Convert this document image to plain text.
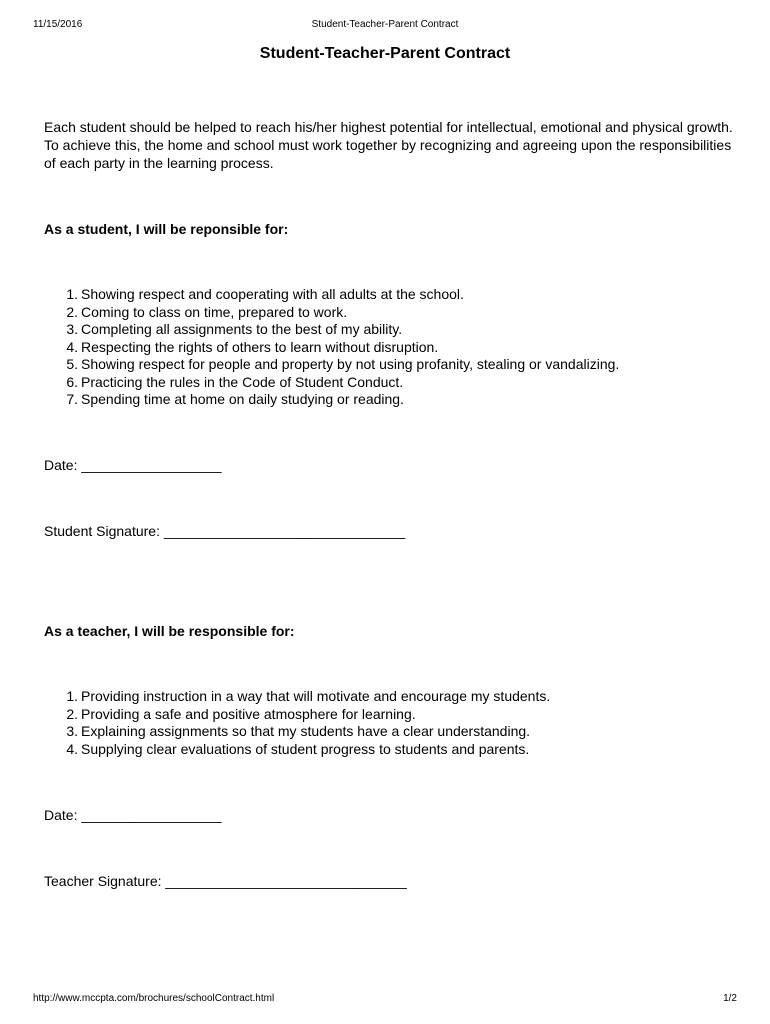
11/15/2016	Student-Teacher-Parent Contract
Student-Teacher-Parent Contract

Each student should be helped to reach his/her highest potential for intellectual, emotional and physical growth. To achieve this, the home and school must work together by recognizing and agreeing upon the responsibilities of each party in the learning process.

As a student, I will be reponsible for:

1. Showing respect and cooperating with all adults at the school.
2. Coming to class on time, prepared to work.
3. Completing all assignments to the best of my ability.
4. Respecting the rights of others to learn without disruption.
5. Showing respect for people and property by not using profanity, stealing or vandalizing.
6. Practicing the rules in the Code of Student Conduct.
7. Spending time at home on daily studying or reading.
Date: __________________
Student Signature: _______________________________

As a teacher, I will be responsible for:

1. Providing instruction in a way that will motivate and encourage my students.
2. Providing a safe and positive atmosphere for learning.
3. Explaining assignments so that my students have a clear understanding.
4. Supplying clear evaluations of student progress to students and parents.
Date: __________________
Teacher Signature: _______________________________
http://www.mccpta.com/brochures/schoolContract.html	1/2
